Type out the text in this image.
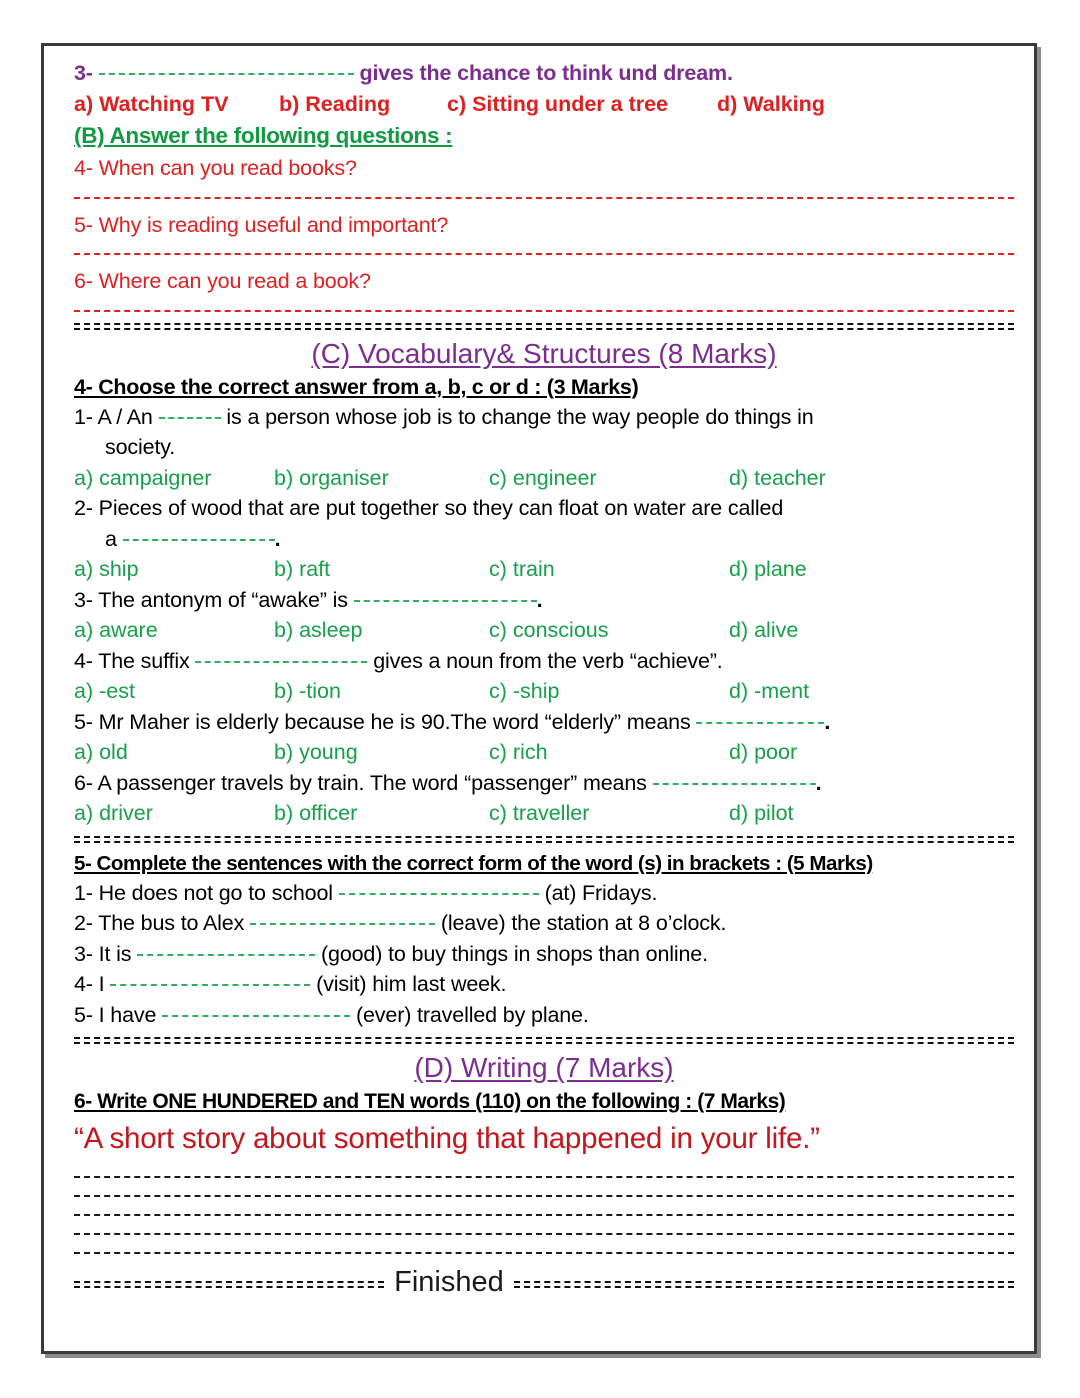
3-	gives the chance to think und dream.
a) Watching TV	b) Reading	c) Sitting under a tree	d) Walking
(B) Answer the following questions :
4- When can you read books?
5- Why is reading useful and important?
6- Where can you read a book?
(C) Vocabulary& Structures (8 Marks)
4- Choose the correct answer from a, b, c or d : (3 Marks)
1- A / An	is a person whose job is to change the way people do things in
society.
a) campaigner	b) organiser	c) engineer	d) teacher
2- Pieces of wood that are put together so they can float on water are called
a	.
a) ship	b) raft	c) train	d) plane
3- The antonym of “awake” is	.
a) aware	b) asleep	c) conscious	d) alive
4- The suffix	gives a noun from the verb “achieve”.
a) -est	b) -tion	c) -ship	d) -ment
5- Mr Maher is elderly because he is 90.The word “elderly” means	.
a) old	b) young	c) rich	d) poor
6- A passenger travels by train. The word “passenger” means	.
a) driver	b) officer	c) traveller	d) pilot
5- Complete the sentences with the correct form of the word (s) in brackets : (5 Marks)
1- He does not go to school	(at) Fridays.
2- The bus to Alex	(leave) the station at 8 o’clock.
3- It is	(good) to buy things in shops than online.
4- I	(visit) him last week.
5- I have	(ever) travelled by plane.
(D) Writing (7 Marks)
6- Write ONE HUNDERED and TEN words (110) on the following : (7 Marks)
“A short story about something that happened in your life.”
Finished
